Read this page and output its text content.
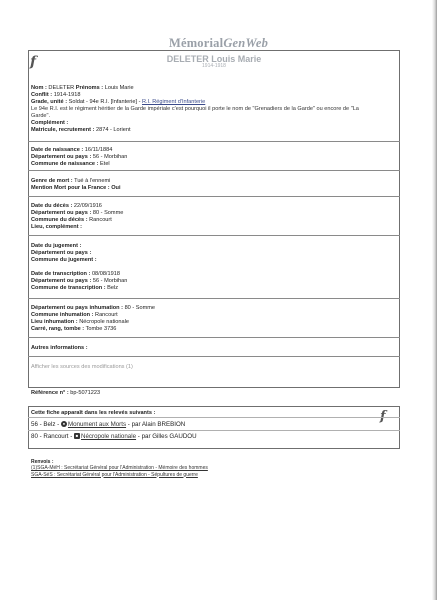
MémorialGenWeb
f	DELETER Louis Marie
1914-1918
Nom : DELETER Prénoms : Louis Marie
Conflit : 1914-1918
Grade, unité : Soldat - 94e R.I. [Infanterie] - R.I. Régiment d'Infanterie
Le 94e R.I. est le régiment héritier de la Garde impériale c'est pourquoi il porte le nom de "Grenadiers de la Garde" ou encore de "La Garde".
Complément :
Matricule, recrutement : 2874 - Lorient
Date de naissance : 16/11/1884
Département ou pays : 56 - Morbihan
Commune de naissance : Etel
Genre de mort : Tué à l'ennemi
Mention Mort pour la France : Oui
Date du décès : 22/09/1916
Département ou pays : 80 - Somme
Commune du décès : Rancourt
Lieu, complément :
Date du jugement :
Département ou pays :
Commune du jugement :
Date de transcription : 08/08/1918
Département ou pays : 56 - Morbihan
Commune de transcription : Belz
Département ou pays inhumation : 80 - Somme
Commune inhumation : Rancourt
Lieu inhumation : Nécropole nationale
Carré, rang, tombe : Tombe 3736
Autres informations :
Afficher les sources des modifications (1)
Référence n° : bp-5071223
Cette fiche apparaît dans les relevés suivants :
56 - Belz - ● Monument aux Morts - par Alain BREBION
80 - Rancourt - ■ Nécropole nationale - par Gilles GAUDOU
Renvois :
(1)SGA-MéH : Secrétariat Général pour l'Administration - Mémoire des hommes
SGA-SéS : Secrétariat Général pour l'Administration - Sépultures de guerre
